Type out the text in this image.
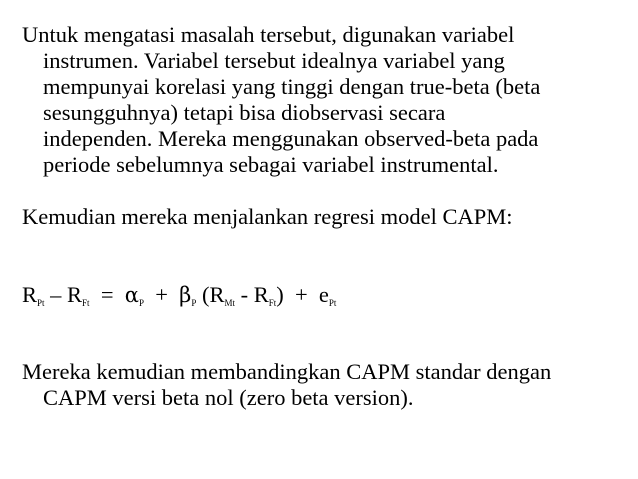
Untuk mengatasi masalah tersebut, digunakan variabel
instrumen. Variabel tersebut idealnya variabel yang
mempunyai korelasi yang tinggi dengan true-beta (beta
sesungguhnya) tetapi bisa diobservasi secara
independen. Mereka menggunakan observed-beta pada
periode sebelumnya sebagai variabel instrumental.
Kemudian mereka menjalankan regresi model CAPM:
$R_{Pt} - R_{Ft} = \alpha_P + \beta_P$ $(R_{Mt} - R_{Ft}) + e_{Pt}$
Mereka kemudian membandingkan CAPM standar dengan
CAPM versi beta nol (zero beta version).
